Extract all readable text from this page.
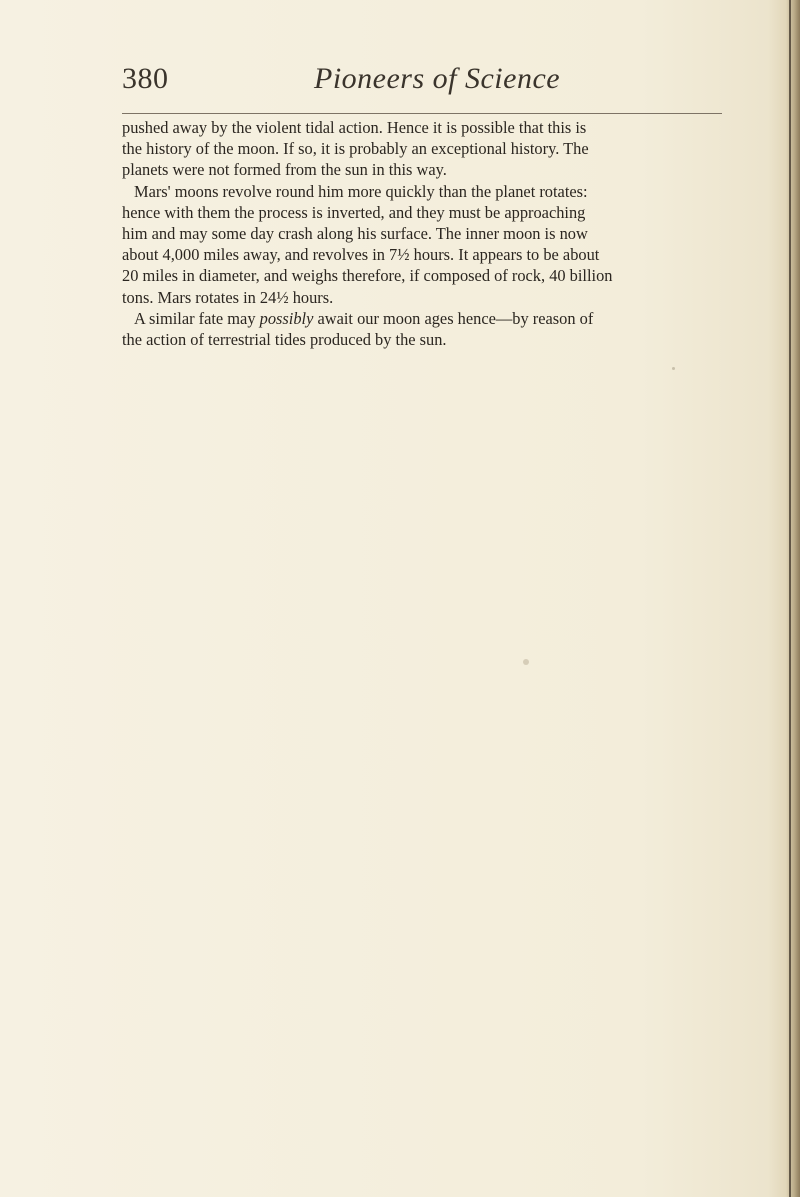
380	Pioneers of Science
pushed away by the violent tidal action. Hence it is possible that this is
the history of the moon. If so, it is probably an exceptional history. The
planets were not formed from the sun in this way.
Mars' moons revolve round him more quickly than the planet rotates:
hence with them the process is inverted, and they must be approaching
him and may some day crash along his surface. The inner moon is now
about 4,000 miles away, and revolves in 7½ hours. It appears to be about
20 miles in diameter, and weighs therefore, if composed of rock, 40 billion
tons. Mars rotates in 24½ hours.
A similar fate may possibly await our moon ages hence—by reason of
the action of terrestrial tides produced by the sun.
